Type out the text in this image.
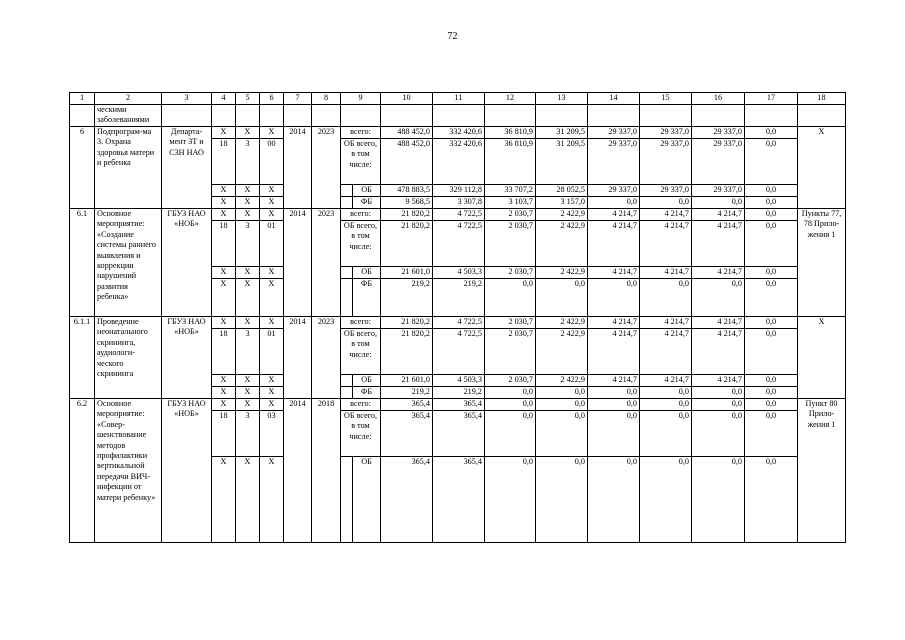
72
1	2	3	4	5	6	7	8	9		10	11	12	13	14	15	16	17	18
	ческими заболеваниями																	
6	Подпрограм-ма 3. Охрана здоровья матери и ребенка	Департа-мент ЗТ и СЗН НАО	X	X	X	2014	2023	всего:		488 452,0	332 420,6	36 810,9	31 209,5	29 337,0	29 337,0	29 337,0	0,0	X
			18	3	00			ОБ всего, в том числе:		488 452,0	332 420,6	36 810,9	31 209,5	29 337,0	29 337,0	29 337,0	0,0	
			X	X	X				ОБ	478 883,5	329 112,8	33 707,2	28 052,5	29 337,0	29 337,0	29 337,0	0,0	
			X	X	X				ФБ	9 568,5	3 307,8	3 103,7	3 157,0	0,0	0,0	0,0	0,0	
6.1	Основное мероприятие: «Создание системы раннего выявления и коррекции нарушений развития ребенка»	ГБУЗ НАО «НОБ»	X	X	X	2014	2023	всего:		21 820,2	4 722,5	2 030,7	2 422,9	4 214,7	4 214,7	4 214,7	0,0	Пункты 77, 78 Прило-жения 1
			18	3	01			ОБ всего, в том числе:		21 820,2	4 722,5	2 030,7	2 422,9	4 214,7	4 214,7	4 214,7	0,0	
			X	X	X				ОБ	21 601,0	4 503,3	2 030,7	2 422,9	4 214,7	4 214,7	4 214,7	0,0	
			X	X	X				ФБ	219,2	219,2	0,0	0,0	0,0	0,0	0,0	0,0	
6.1.1	Проведение неонатального скрининга, аудиологи-ческого скрининга	ГБУЗ НАО «НОБ»	X	X	X	2014	2023	всего:		21 820,2	4 722,5	2 030,7	2 422,9	4 214,7	4 214,7	4 214,7	0,0	X
			18	3	01			ОБ всего, в том числе:		21 820,2	4 722,5	2 030,7	2 422,9	4 214,7	4 214,7	4 214,7	0,0	
			X	X	X				ОБ	21 601,0	4 503,3	2 030,7	2 422,9	4 214,7	4 214,7	4 214,7	0,0	
			X	X	X				ФБ	219,2	219,2	0,0	0,0	0,0	0,0	0,0	0,0	
6.2	Основное мероприятие: «Совер-шенствование методов профилактики вертикальной передачи ВИЧ-инфекции от матери ребенку»	ГБУЗ НАО «НОБ»	X	X	X	2014	2018	всего:		365,4	365,4	0,0	0,0	0,0	0,0	0,0	0,0	Пункт 80 Прило-жения 1
			18	3	03			ОБ всего, в том числе:		365,4	365,4	0,0	0,0	0,0	0,0	0,0	0,0	
			X	X	X				ОБ	365,4	365,4	0,0	0,0	0,0	0,0	0,0	0,0	
